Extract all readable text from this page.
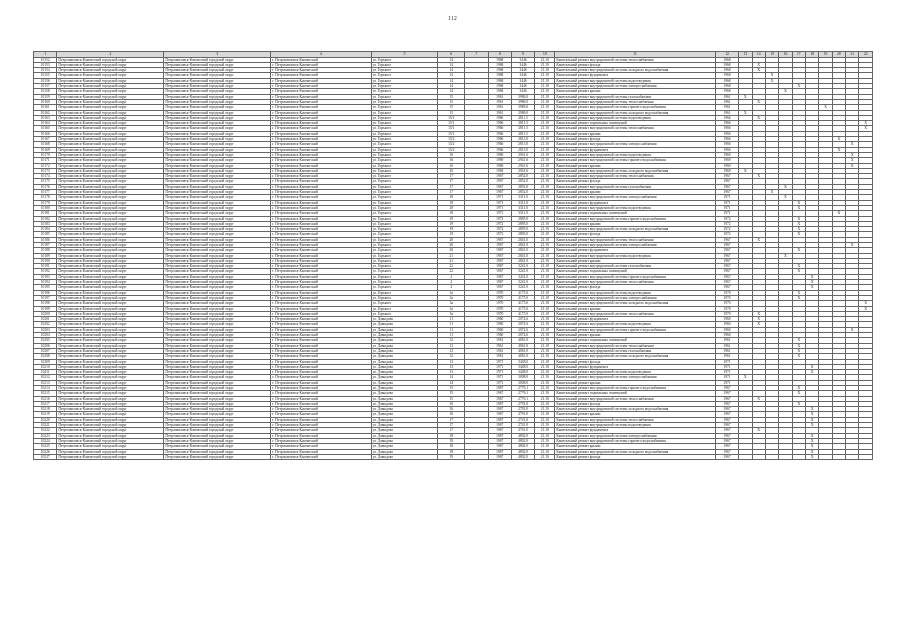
112
1	2	3	4	5	6	7	8	9	10	11	12	13	14	15	16	17	18	19	20	21	22
10152	Петропавловск-Камчатский городской округ	Петропавловск-Камчатский городской округ	г. Петропавловск-Камчатский	ул. Горького	14		1968	3446	21.10	Капитальный ремонт внутридомовой системы теплоснабжения	1968										
10153	Петропавловск-Камчатский городской округ	Петропавловск-Камчатский городской округ	г. Петропавловск-Камчатский	ул. Горького	14		1968	3446	21.10	Капитальный ремонт фасада	1968		X								
10154	Петропавловск-Камчатский городской округ	Петропавловск-Камчатский городской округ	г. Петропавловск-Камчатский	ул. Горького	14		1968	3446	21.10	Капитальный ремонт внутридомовой системы холодного водоснабжения	1968		X								
10155	Петропавловск-Камчатский городской округ	Петропавловск-Камчатский городской округ	г. Петропавловск-Камчатский	ул. Горького	14		1968	3446	21.10	Капитальный ремонт фундамента	1968			X							
10156	Петропавловск-Камчатский городской округ	Петропавловск-Камчатский городской округ	г. Петропавловск-Камчатский	ул. Горького	14		1968	3446	21.10	Капитальный ремонт внутридомовой системы водоотведения	1968			X							
10157	Петропавловск-Камчатский городской округ	Петропавловск-Камчатский городской округ	г. Петропавловск-Камчатский	ул. Горького	14		1968	3446	21.10	Капитальный ремонт внутридомовой системы электроснабжения	1968					X					
10158	Петропавловск-Камчатский городской округ	Петропавловск-Камчатский городской округ	г. Петропавловск-Камчатский	ул. Горького	14		1968	3446	21.10	Капитальный ремонт крыши	1968				X						
10159	Петропавловск-Камчатский городской округ	Петропавловск-Камчатский городской округ	г. Петропавловск-Камчатский	ул. Горького	15		1961	3986.0	21.10	Капитальный ремонт внутридомовой системы газоснабжения	1961	X									
10160	Петропавловск-Камчатский городской округ	Петропавловск-Камчатский городской округ	г. Петропавловск-Камчатский	ул. Горького	15		1961	3986.0	21.10	Капитальный ремонт внутридомовой системы теплоснабжения	1961		X								
10161	Петропавловск-Камчатский городской округ	Петропавловск-Камчатский городской округ	г. Петропавловск-Камчатский	ул. Горького	15		1961	3986.0	21.10	Капитальный ремонт внутридомовой системы горячего водоснабжения	1961							X			
10162	Петропавловск-Камчатский городской округ	Петропавловск-Камчатский городской округ	г. Петропавловск-Камчатский	ул. Горького	15		1961	3986.0	21.10	Капитальный ремонт внутридомовой системы холодного водоснабжения	1961	X									
10163	Петропавловск-Камчатский городской округ	Петропавловск-Камчатский городской округ	г. Петропавловск-Камчатский	ул. Горького	15/1		1966	2811.5	21.10	Капитальный ремонт внутридомовой системы водоотведения	1966		X								
10164	Петропавловск-Камчатский городской округ	Петропавловск-Камчатский городской округ	г. Петропавловск-Камчатский	ул. Горького	15/1		1966	2811.5	21.10	Капитальный ремонт подвальных помещений	1966										X
10165	Петропавловск-Камчатский городской округ	Петропавловск-Камчатский городской округ	г. Петропавловск-Камчатский	ул. Горького	15/1		1966	2811.5	21.10	Капитальный ремонт внутридомовой системы теплоснабжения	1966										X
10166	Петропавловск-Камчатский городской округ	Петропавловск-Камчатский городской округ	г. Петропавловск-Камчатский	ул. Горького	15/1		1966	2811.5	21.10	Капитальный ремонт крыши	1966										
10167	Петропавловск-Камчатский городской округ	Петропавловск-Камчатский городской округ	г. Петропавловск-Камчатский	ул. Горького	15/2		1966	2813.0	21.10	Капитальный ремонт фасада	1966								X		
10168	Петропавловск-Камчатский городской округ	Петропавловск-Камчатский городской округ	г. Петропавловск-Камчатский	ул. Горького	15/2		1966	2813.0	21.10	Капитальный ремонт внутридомовой системы электроснабжения	1966									X	
10169	Петропавловск-Камчатский городской округ	Петропавловск-Камчатский городской округ	г. Петропавловск-Камчатский	ул. Горького	15/2		1966	2813.0	21.10	Капитальный ремонт фундамента	1966								X		
10170	Петропавловск-Камчатский городской округ	Петропавловск-Камчатский городской округ	г. Петропавловск-Камчатский	ул. Горького	16		1969	2941.6	21.10	Капитальный ремонт внутридомовой системы водоотведения	1969									X	
10171	Петропавловск-Камчатский городской округ	Петропавловск-Камчатский городской округ	г. Петропавловск-Камчатский	ул. Горького	16		1969	2941.6	21.10	Капитальный ремонт внутридомовой системы горячего водоснабжения	1969									X	
10172	Петропавловск-Камчатский городской округ	Петропавловск-Камчатский городской округ	г. Петропавловск-Камчатский	ул. Горького	16		1969	2941.6	21.10	Капитальный ремонт крыши	1969									X	
10173	Петропавловск-Камчатский городской округ	Петропавловск-Камчатский городской округ	г. Петропавловск-Камчатский	ул. Горького	16		1969	2941.6	21.10	Капитальный ремонт внутридомовой системы холодного водоснабжения	1969	X									
10174	Петропавловск-Камчатский городской округ	Петропавловск-Камчатский городской округ	г. Петропавловск-Камчатский	ул. Горького	17		1967	2852.0	21.10	Капитальный ремонт внутридомовой системы теплоснабжения	1967		X								
10175	Петропавловск-Камчатский городской округ	Петропавловск-Камчатский городской округ	г. Петропавловск-Камчатский	ул. Горького	17		1967	2852.0	21.10	Капитальный ремонт фасада	1967										
10176	Петропавловск-Камчатский городской округ	Петропавловск-Камчатский городской округ	г. Петропавловск-Камчатский	ул. Горького	17		1967	2852.0	21.10	Капитальный ремонт внутридомовой системы газоснабжения	1967				X						
10177	Петропавловск-Камчатский городской округ	Петропавловск-Камчатский городской округ	г. Петропавловск-Камчатский	ул. Горького	17		1967	2852.0	21.10	Капитальный ремонт крыши	1967			X							
10178	Петропавловск-Камчатский городской округ	Петропавловск-Камчатский городской округ	г. Петропавловск-Камчатский	ул. Горького	18		1971	3311.0	21.10	Капитальный ремонт внутридомовой системы электроснабжения	1971				X						
10179	Петропавловск-Камчатский городской округ	Петропавловск-Камчатский городской округ	г. Петропавловск-Камчатский	ул. Горького	18		1971	3311.0	21.10	Капитальный ремонт фундамента	1971					X					
10180	Петропавловск-Камчатский городской округ	Петропавловск-Камчатский городской округ	г. Петропавловск-Камчатский	ул. Горького	18		1971	3311.0	21.10	Капитальный ремонт внутридомовой системы водоотведения	1971					X					
10181	Петропавловск-Камчатский городской округ	Петропавловск-Камчатский городской округ	г. Петропавловск-Камчатский	ул. Горького	18		1971	3311.0	21.10	Капитальный ремонт подвальных помещений	1971								X		
10182	Петропавловск-Камчатский городской округ	Петропавловск-Камчатский городской округ	г. Петропавловск-Камчатский	ул. Горького	19		1972	2895.0	21.10	Капитальный ремонт внутридомовой системы горячего водоснабжения	1972					X					
10183	Петропавловск-Камчатский городской округ	Петропавловск-Камчатский городской округ	г. Петропавловск-Камчатский	ул. Горького	19		1972	2895.0	21.10	Капитальный ремонт крыши	1972					X					
10184	Петропавловск-Камчатский городской округ	Петропавловск-Камчатский городской округ	г. Петропавловск-Камчатский	ул. Горького	19		1972	2895.0	21.10	Капитальный ремонт внутридомовой системы холодного водоснабжения	1972					X					
10185	Петропавловск-Камчатский городской округ	Петропавловск-Камчатский городской округ	г. Петропавловск-Камчатский	ул. Горького	19		1972	2895.0	21.10	Капитальный ремонт фасада	1972					X					
10186	Петропавловск-Камчатский городской округ	Петропавловск-Камчатский городской округ	г. Петропавловск-Камчатский	ул. Горького	20		1967	2841.0	21.10	Капитальный ремонт внутридомовой системы теплоснабжения	1967		X								
10187	Петропавловск-Камчатский городской округ	Петропавловск-Камчатский городской округ	г. Петропавловск-Камчатский	ул. Горького	20		1967	2841.0	21.10	Капитальный ремонт внутридомовой системы электроснабжения	1967									X	
10188	Петропавловск-Камчатский городской округ	Петропавловск-Камчатский городской округ	г. Петропавловск-Камчатский	ул. Горького	20		1967	2841.0	21.10	Капитальный ремонт фундамента	1967					X					
10189	Петропавловск-Камчатский городской округ	Петропавловск-Камчатский городской округ	г. Петропавловск-Камчатский	ул. Горького	21		1967	2841.0	21.10	Капитальный ремонт внутридомовой системы водоотведения	1967				X						
10190	Петропавловск-Камчатский городской округ	Петропавловск-Камчатский городской округ	г. Петропавловск-Камчатский	ул. Горького	21		1967	2841.0	21.10	Капитальный ремонт крыши	1967										
10191	Петропавловск-Камчатский городской округ	Петропавловск-Камчатский городской округ	г. Петропавловск-Камчатский	ул. Горького	22		1967	3241.0	21.10	Капитальный ремонт внутридомовой системы газоснабжения	1967					X					
10192	Петропавловск-Камчатский городской округ	Петропавловск-Камчатский городской округ	г. Петропавловск-Камчатский	ул. Горького	22		1967	3241.0	21.10	Капитальный ремонт подвальных помещений	1967					X					
10193	Петропавловск-Камчатский городской округ	Петропавловск-Камчатский городской округ	г. Петропавловск-Камчатский	ул. Горького	2		1967	3241.0	21.10	Капитальный ремонт внутридомовой системы горячего водоснабжения	1967						X				
10194	Петропавловск-Камчатский городской округ	Петропавловск-Камчатский городской округ	г. Петропавловск-Камчатский	ул. Горького	2		1967	3241.0	21.10	Капитальный ремонт внутридомовой системы теплоснабжения	1967						X				
10195	Петропавловск-Камчатский городской округ	Петропавловск-Камчатский городской округ	г. Петропавловск-Камчатский	ул. Горького	2		1967	3241.0	21.10	Капитальный ремонт фасада	1967						X				
10196	Петропавловск-Камчатский городской округ	Петропавловск-Камчатский городской округ	г. Петропавловск-Камчатский	ул. Горького	3а		1970	4175.0	21.10	Капитальный ремонт внутридомовой системы водоотведения	1970					X					
10197	Петропавловск-Камчатский городской округ	Петропавловск-Камчатский городской округ	г. Петропавловск-Камчатский	ул. Горького	3а		1970	4175.0	21.10	Капитальный ремонт внутридомовой системы электроснабжения	1970					X					
10198	Петропавловск-Камчатский городской округ	Петропавловск-Камчатский городской округ	г. Петропавловск-Камчатский	ул. Горького	3а		1970	4175.0	21.10	Капитальный ремонт внутридомовой системы холодного водоснабжения	1970										X
10199	Петропавловск-Камчатский городской округ	Петропавловск-Камчатский городской округ	г. Петропавловск-Камчатский	ул. Горького	3а		1970	4175.0	21.10	Капитальный ремонт крыши	1970										X
10200	Петропавловск-Камчатский городской округ	Петропавловск-Камчатский городской округ	г. Петропавловск-Камчатский	ул. Горького	3а		1970	4175.0	21.10	Капитальный ремонт внутридомовой системы теплоснабжения	1970		X								
10201	Петропавловск-Камчатский городской округ	Петропавловск-Камчатский городской округ	г. Петропавловск-Камчатский	ул. Давыдова	11		1960	2074.6	21.10	Капитальный ремонт фундамента	1960		X								
10202	Петропавловск-Камчатский городской округ	Петропавловск-Камчатский городской округ	г. Петропавловск-Камчатский	ул. Давыдова	11		1960	2074.6	21.10	Капитальный ремонт внутридомовой системы водоотведения	1960		X								
10203	Петропавловск-Камчатский городской округ	Петропавловск-Камчатский городской округ	г. Петропавловск-Камчатский	ул. Давыдова	11		1960	2074.6	21.10	Капитальный ремонт внутридомовой системы горячего водоснабжения	1960									X	
10204	Петропавловск-Камчатский городской округ	Петропавловск-Камчатский городской округ	г. Петропавловск-Камчатский	ул. Давыдова	11		1960	2074.6	21.10	Капитальный ремонт крыши	1960										
10205	Петропавловск-Камчатский городской округ	Петропавловск-Камчатский городской округ	г. Петропавловск-Камчатский	ул. Давыдова	12		1961	4061.0	21.10	Капитальный ремонт подвальных помещений	1961					X					
10206	Петропавловск-Камчатский городской округ	Петропавловск-Камчатский городской округ	г. Петропавловск-Камчатский	ул. Давыдова	12		1961	4061.0	21.10	Капитальный ремонт внутридомовой системы теплоснабжения	1961					X					
10207	Петропавловск-Камчатский городской округ	Петропавловск-Камчатский городской округ	г. Петропавловск-Камчатский	ул. Давыдова	12		1961	4061.0	21.10	Капитальный ремонт внутридомовой системы газоснабжения	1961					X					
10208	Петропавловск-Камчатский городской округ	Петропавловск-Камчатский городской округ	г. Петропавловск-Камчатский	ул. Давыдова	12		1961	4061.0	21.10	Капитальный ремонт внутридомовой системы холодного водоснабжения	1961					X					
10209	Петропавловск-Камчатский городской округ	Петропавловск-Камчатский городской округ	г. Петропавловск-Камчатский	ул. Давыдова	13		1971	3448.0	21.10	Капитальный ремонт фасада	1971										
10210	Петропавловск-Камчатский городской округ	Петропавловск-Камчатский городской округ	г. Петропавловск-Камчатский	ул. Давыдова	13		1971	3448.0	21.10	Капитальный ремонт фундамента	1971						X				
10211	Петропавловск-Камчатский городской округ	Петропавловск-Камчатский городской округ	г. Петропавловск-Камчатский	ул. Давыдова	13		1971	3448.0	21.10	Капитальный ремонт внутридомовой системы водоотведения	1971						X				
10212	Петропавловск-Камчатский городской округ	Петропавловск-Камчатский городской округ	г. Петропавловск-Камчатский	ул. Давыдова	14		1971	3008.0	21.10	Капитальный ремонт внутридомовой системы электроснабжения	1971	X									
10213	Петропавловск-Камчатский городской округ	Петропавловск-Камчатский городской округ	г. Петропавловск-Камчатский	ул. Давыдова	14		1971	3008.0	21.10	Капитальный ремонт крыши	1971										
10214	Петропавловск-Камчатский городской округ	Петропавловск-Камчатский городской округ	г. Петропавловск-Камчатский	ул. Давыдова	15		1967	2776.1	21.10	Капитальный ремонт внутридомовой системы горячего водоснабжения	1967					X					
10215	Петропавловск-Камчатский городской округ	Петропавловск-Камчатский городской округ	г. Петропавловск-Камчатский	ул. Давыдова	15		1967	2776.1	21.10	Капитальный ремонт подвальных помещений	1967					X					
10216	Петропавловск-Камчатский городской округ	Петропавловск-Камчатский городской округ	г. Петропавловск-Камчатский	ул. Давыдова	15		1967	2776.1	21.10	Капитальный ремонт внутридомовой системы теплоснабжения	1967		X								
10217	Петропавловск-Камчатский городской округ	Петропавловск-Камчатский городской округ	г. Петропавловск-Камчатский	ул. Давыдова	16		1967	2791.0	21.10	Капитальный ремонт фасада	1967					X					
10218	Петропавловск-Камчатский городской округ	Петропавловск-Камчатский городской округ	г. Петропавловск-Камчатский	ул. Давыдова	16		1967	2791.0	21.10	Капитальный ремонт внутридомовой системы холодного водоснабжения	1967						X				
10219	Петропавловск-Камчатский городской округ	Петропавловск-Камчатский городской округ	г. Петропавловск-Камчатский	ул. Давыдова	16		1967	2791.0	21.10	Капитальный ремонт крыши	1967						X				
10220	Петропавловск-Камчатский городской округ	Петропавловск-Камчатский городской округ	г. Петропавловск-Камчатский	ул. Давыдова	17		1967	2741.0	21.10	Капитальный ремонт внутридомовой системы теплоснабжения	1967						X				
10221	Петропавловск-Камчатский городской округ	Петропавловск-Камчатский городской округ	г. Петропавловск-Камчатский	ул. Давыдова	17		1967	2741.0	21.10	Капитальный ремонт внутридомовой системы водоотведения	1967						X				
10222	Петропавловск-Камчатский городской округ	Петропавловск-Камчатский городской округ	г. Петропавловск-Камчатский	ул. Давыдова	17		1967	2741.0	21.10	Капитальный ремонт фундамента	1967		X								
10223	Петропавловск-Камчатский городской округ	Петропавловск-Камчатский городской округ	г. Петропавловск-Камчатский	ул. Давыдова	18		1967	4802.0	21.10	Капитальный ремонт внутридомовой системы электроснабжения	1967						X				
10224	Петропавловск-Камчатский городской округ	Петропавловск-Камчатский городской округ	г. Петропавловск-Камчатский	ул. Давыдова	18		1967	4802.0	21.10	Капитальный ремонт внутридомовой системы горячего водоснабжения	1967						X				
10225	Петропавловск-Камчатский городской округ	Петропавловск-Камчатский городской округ	г. Петропавловск-Камчатский	ул. Давыдова	18		1967	4802.0	21.10	Капитальный ремонт крыши	1967						X				
10226	Петропавловск-Камчатский городской округ	Петропавловск-Камчатский городской округ	г. Петропавловск-Камчатский	ул. Давыдова	18		1967	4802.0	21.10	Капитальный ремонт внутридомовой системы холодного водоснабжения	1967						X				
10227	Петропавловск-Камчатский городской округ	Петропавловск-Камчатский городской округ	г. Петропавловск-Камчатский	ул. Давыдова	19		1967	4802.0	21.10	Капитальный ремонт фасада	1967						X				
